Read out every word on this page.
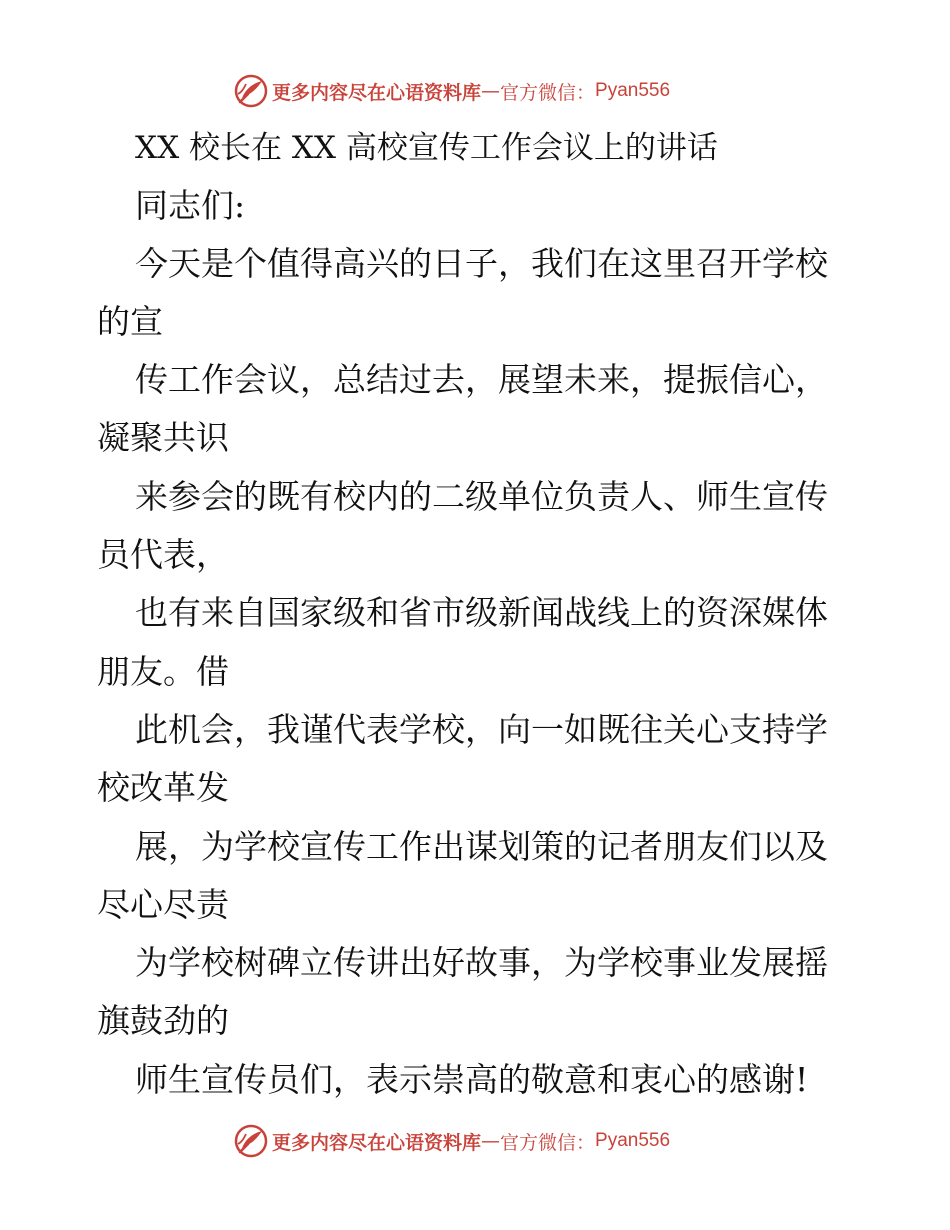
更多内容尽在心语资料库 — 官方微信： Pyan556
XX 校长在 XX 高校宣传工作会议上的讲话
同志们:
今天是个值得高兴的日子，我们在这里召开学校
的宣
传工作会议，总结过去，展望未来，提振信心，
凝聚共识
来参会的既有校内的二级单位负责人、师生宣传
员代表，
也有来自国家级和省市级新闻战线上的资深媒体
朋友。借
此机会，我谨代表学校，向一如既往关心支持学
校改革发
展，为学校宣传工作出谋划策的记者朋友们以及
尽心尽责
为学校树碑立传讲出好故事，为学校事业发展摇
旗鼓劲的
师生宣传员们，表示崇高的敬意和衷心的感谢!
更多内容尽在心语资料库 — 官方微信： Pyan556
